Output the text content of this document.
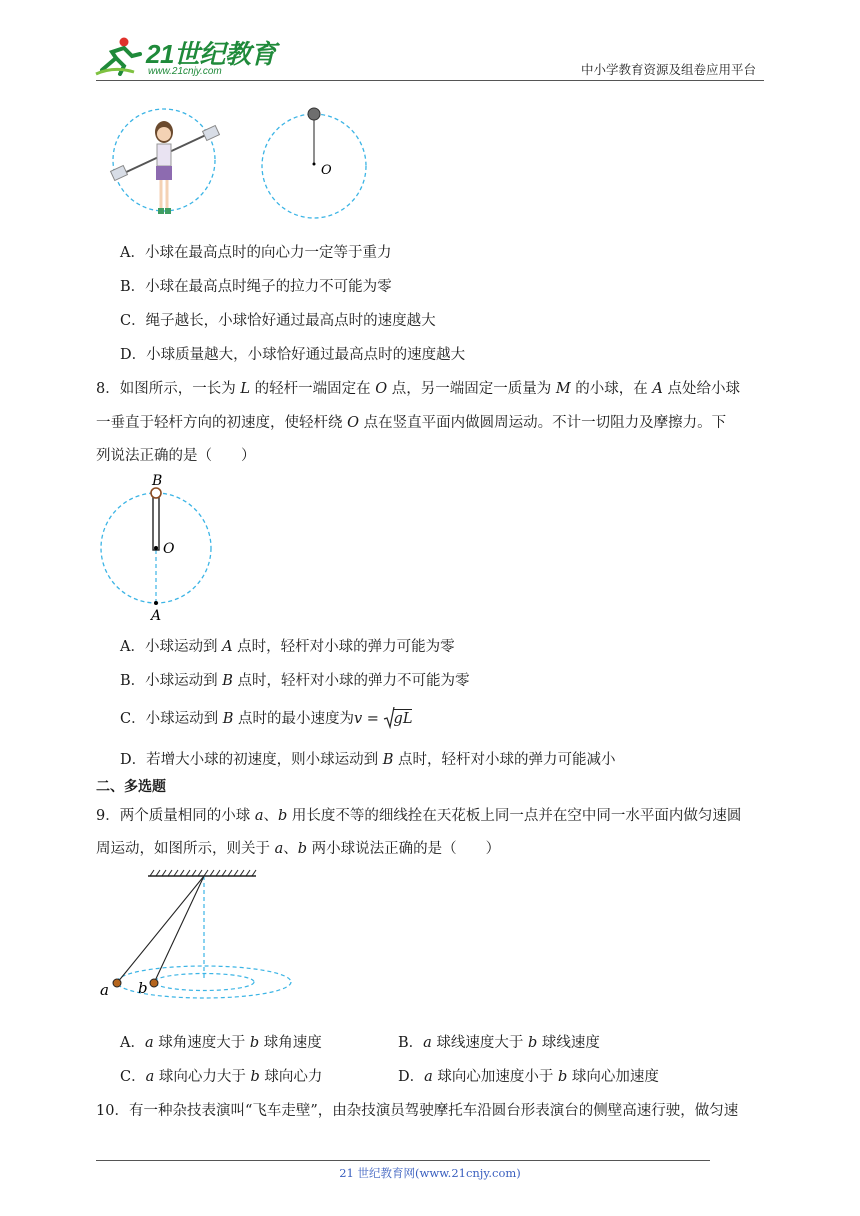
21世纪教育
www.21cnjy.com	中小学教育资源及组卷应用平台
O
A．小球在最高点时的向心力一定等于重力
B．小球在最高点时绳子的拉力不可能为零
C．绳子越长，小球恰好通过最高点时的速度越大
D．小球质量越大，小球恰好通过最高点时的速度越大
8．如图所示，一长为 L 的轻杆一端固定在 O 点，另一端固定一质量为 M 的小球，在 A 点处给小球
一垂直于轻杆方向的初速度，使轻杆绕 O 点在竖直平面内做圆周运动。不计一切阻力及摩擦力。下
列说法正确的是（　　）
B
O
A
A．小球运动到 A 点时，轻杆对小球的弹力可能为零
B．小球运动到 B 点时，轻杆对小球的弹力不可能为零
C．小球运动到 B 点时的最小速度为v =
gL
D．若增大小球的初速度，则小球运动到 B 点时，轻杆对小球的弹力可能减小
二、多选题
9．两个质量相同的小球 a、b 用长度不等的细线拴在天花板上同一点并在空中同一水平面内做匀速圆
周运动，如图所示，则关于 a、b 两小球说法正确的是（　　）
a b
A．a 球角速度大于 b 球角速度	B．a 球线速度大于 b 球线速度
C．a 球向心力大于 b 球向心力	D．a 球向心加速度小于 b 球向心加速度
10．有一种杂技表演叫“飞车走壁”，由杂技演员驾驶摩托车沿圆台形表演台的侧壁高速行驶，做匀速
21 世纪教育网(www.21cnjy.com)
